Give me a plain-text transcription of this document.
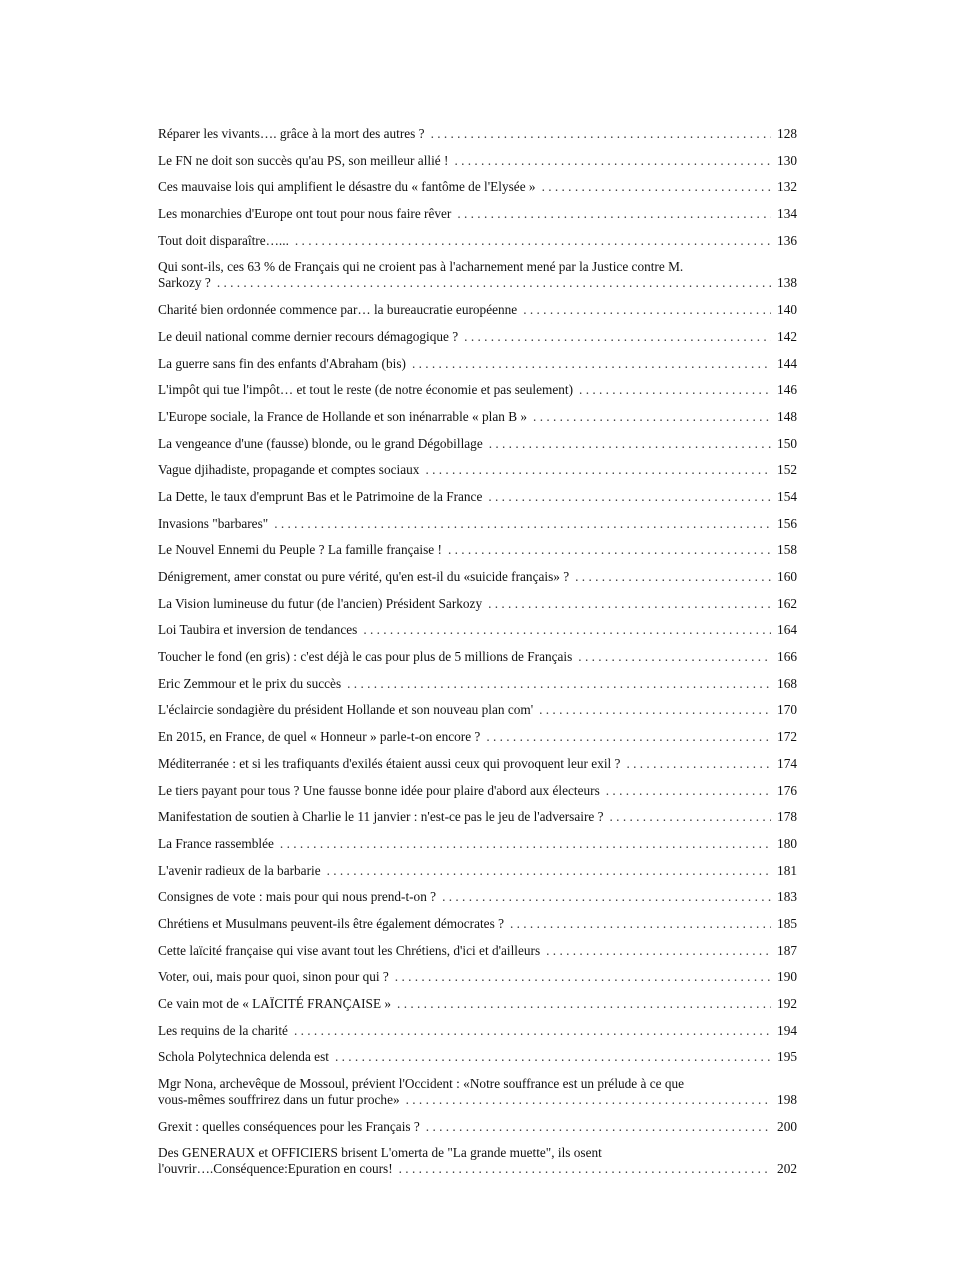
Réparer les vivants…. grâce à la mort des autres ? . . .	128
Le FN ne doit son succès qu'au PS, son meilleur allié ! . . .	130
Ces mauvaise lois qui amplifient le désastre du « fantôme de l'Elysée » . . .	132
Les monarchies d'Europe ont tout pour nous faire rêver . . .	134
Tout doit disparaître…... . . .	136
Qui sont-ils, ces 63 % de Français qui ne croient pas à l'acharnement mené par la Justice contre M.
Sarkozy ? . . .	138
Charité bien ordonnée commence par… la bureaucratie européenne . . .	140
Le deuil national comme dernier recours démagogique ? . . .	142
La guerre sans fin des enfants d'Abraham (bis) . . .	144
L'impôt qui tue l'impôt… et tout le reste (de notre économie et pas seulement) . . .	146
L'Europe sociale, la France de Hollande et son inénarrable « plan B » . . .	148
La vengeance d'une (fausse) blonde, ou le grand Dégobillage . . .	150
Vague djihadiste, propagande et comptes sociaux . . .	152
La Dette, le taux d'emprunt Bas et le Patrimoine de la France . . .	154
Invasions "barbares" . . .	156
Le Nouvel Ennemi du Peuple ? La famille française ! . . .	158
Dénigrement, amer constat ou pure vérité, qu'en est-il du «suicide français» ? . . .	160
La Vision lumineuse du futur (de l'ancien) Président Sarkozy . . .	162
Loi Taubira et inversion de tendances . . .	164
Toucher le fond (en gris) : c'est déjà le cas pour plus de 5 millions de Français . . .	166
Eric Zemmour et le prix du succès . . .	168
L'éclaircie sondagière du président Hollande et son nouveau plan com' . . .	170
En 2015, en France, de quel « Honneur » parle-t-on encore ? . . .	172
Méditerranée : et si les trafiquants d'exilés étaient aussi ceux qui provoquent leur exil ? . . .	174
Le tiers payant pour tous ? Une fausse bonne idée pour plaire d'abord aux électeurs . . .	176
Manifestation de soutien à Charlie le 11 janvier : n'est-ce pas le jeu de l'adversaire ? . . .	178
La France rassemblée . . .	180
L'avenir radieux de la barbarie . . .	181
Consignes de vote : mais pour qui nous prend-t-on ? . . .	183
Chrétiens et Musulmans peuvent-ils être également démocrates ? . . .	185
Cette laïcité française qui vise avant tout les Chrétiens, d'ici et d'ailleurs . . .	187
Voter, oui, mais pour quoi, sinon pour qui ? . . .	190
Ce vain mot de « LAÏCITÉ FRANÇAISE » . . .	192
Les requins de la charité . . .	194
Schola Polytechnica delenda est . . .	195
Mgr Nona, archevêque de Mossoul, prévient l'Occident : «Notre souffrance est un prélude à ce que
vous-mêmes souffrirez dans un futur proche» . . .	198
Grexit : quelles conséquences pour les Français ? . . .	200
Des GENERAUX et OFFICIERS brisent L'omerta de "La grande muette", ils osent
l'ouvrir….Conséquence:Epuration en cours! . . .	202
